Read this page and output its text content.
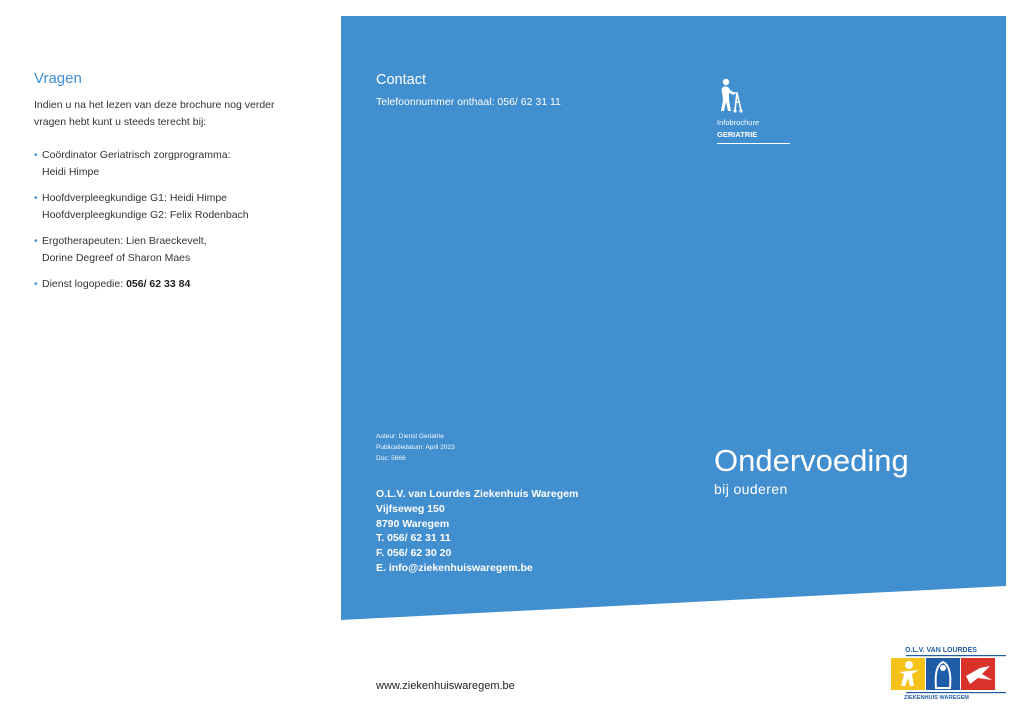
Vragen

Indien u na het lezen van deze brochure nog verder vragen hebt kunt u steeds terecht bij:

• Coördinator Geriatrisch zorgprogramma:
Heidi Himpe
• Hoofdverpleegkundige G1: Heidi Himpe
Hoofdverpleegkundige G2: Felix Rodenbach
• Ergotherapeuten: Lien Braeckevelt,
Dorine Degreef of Sharon Maes
• Dienst logopedie: 056/ 62 33 84
Contact

Telefoonnummer onthaal: 056/ 62 31 11

Infobrochure
GERIATRIE
Auteur: Dienst Geriatrie
Publicatiedatum: April 2023
Doc: 5666
O.L.V. van Lourdes Ziekenhuis Waregem
Vijfseweg 150
8790 Waregem
T. 056/ 62 31 11
F. 056/ 62 30 20
E. info@ziekenhuiswaregem.be
Ondervoeding
bij ouderen
www.ziekenhuiswaregem.be
O.L.V. VAN LOURDES
ZIEKENHUIS WAREGEM
